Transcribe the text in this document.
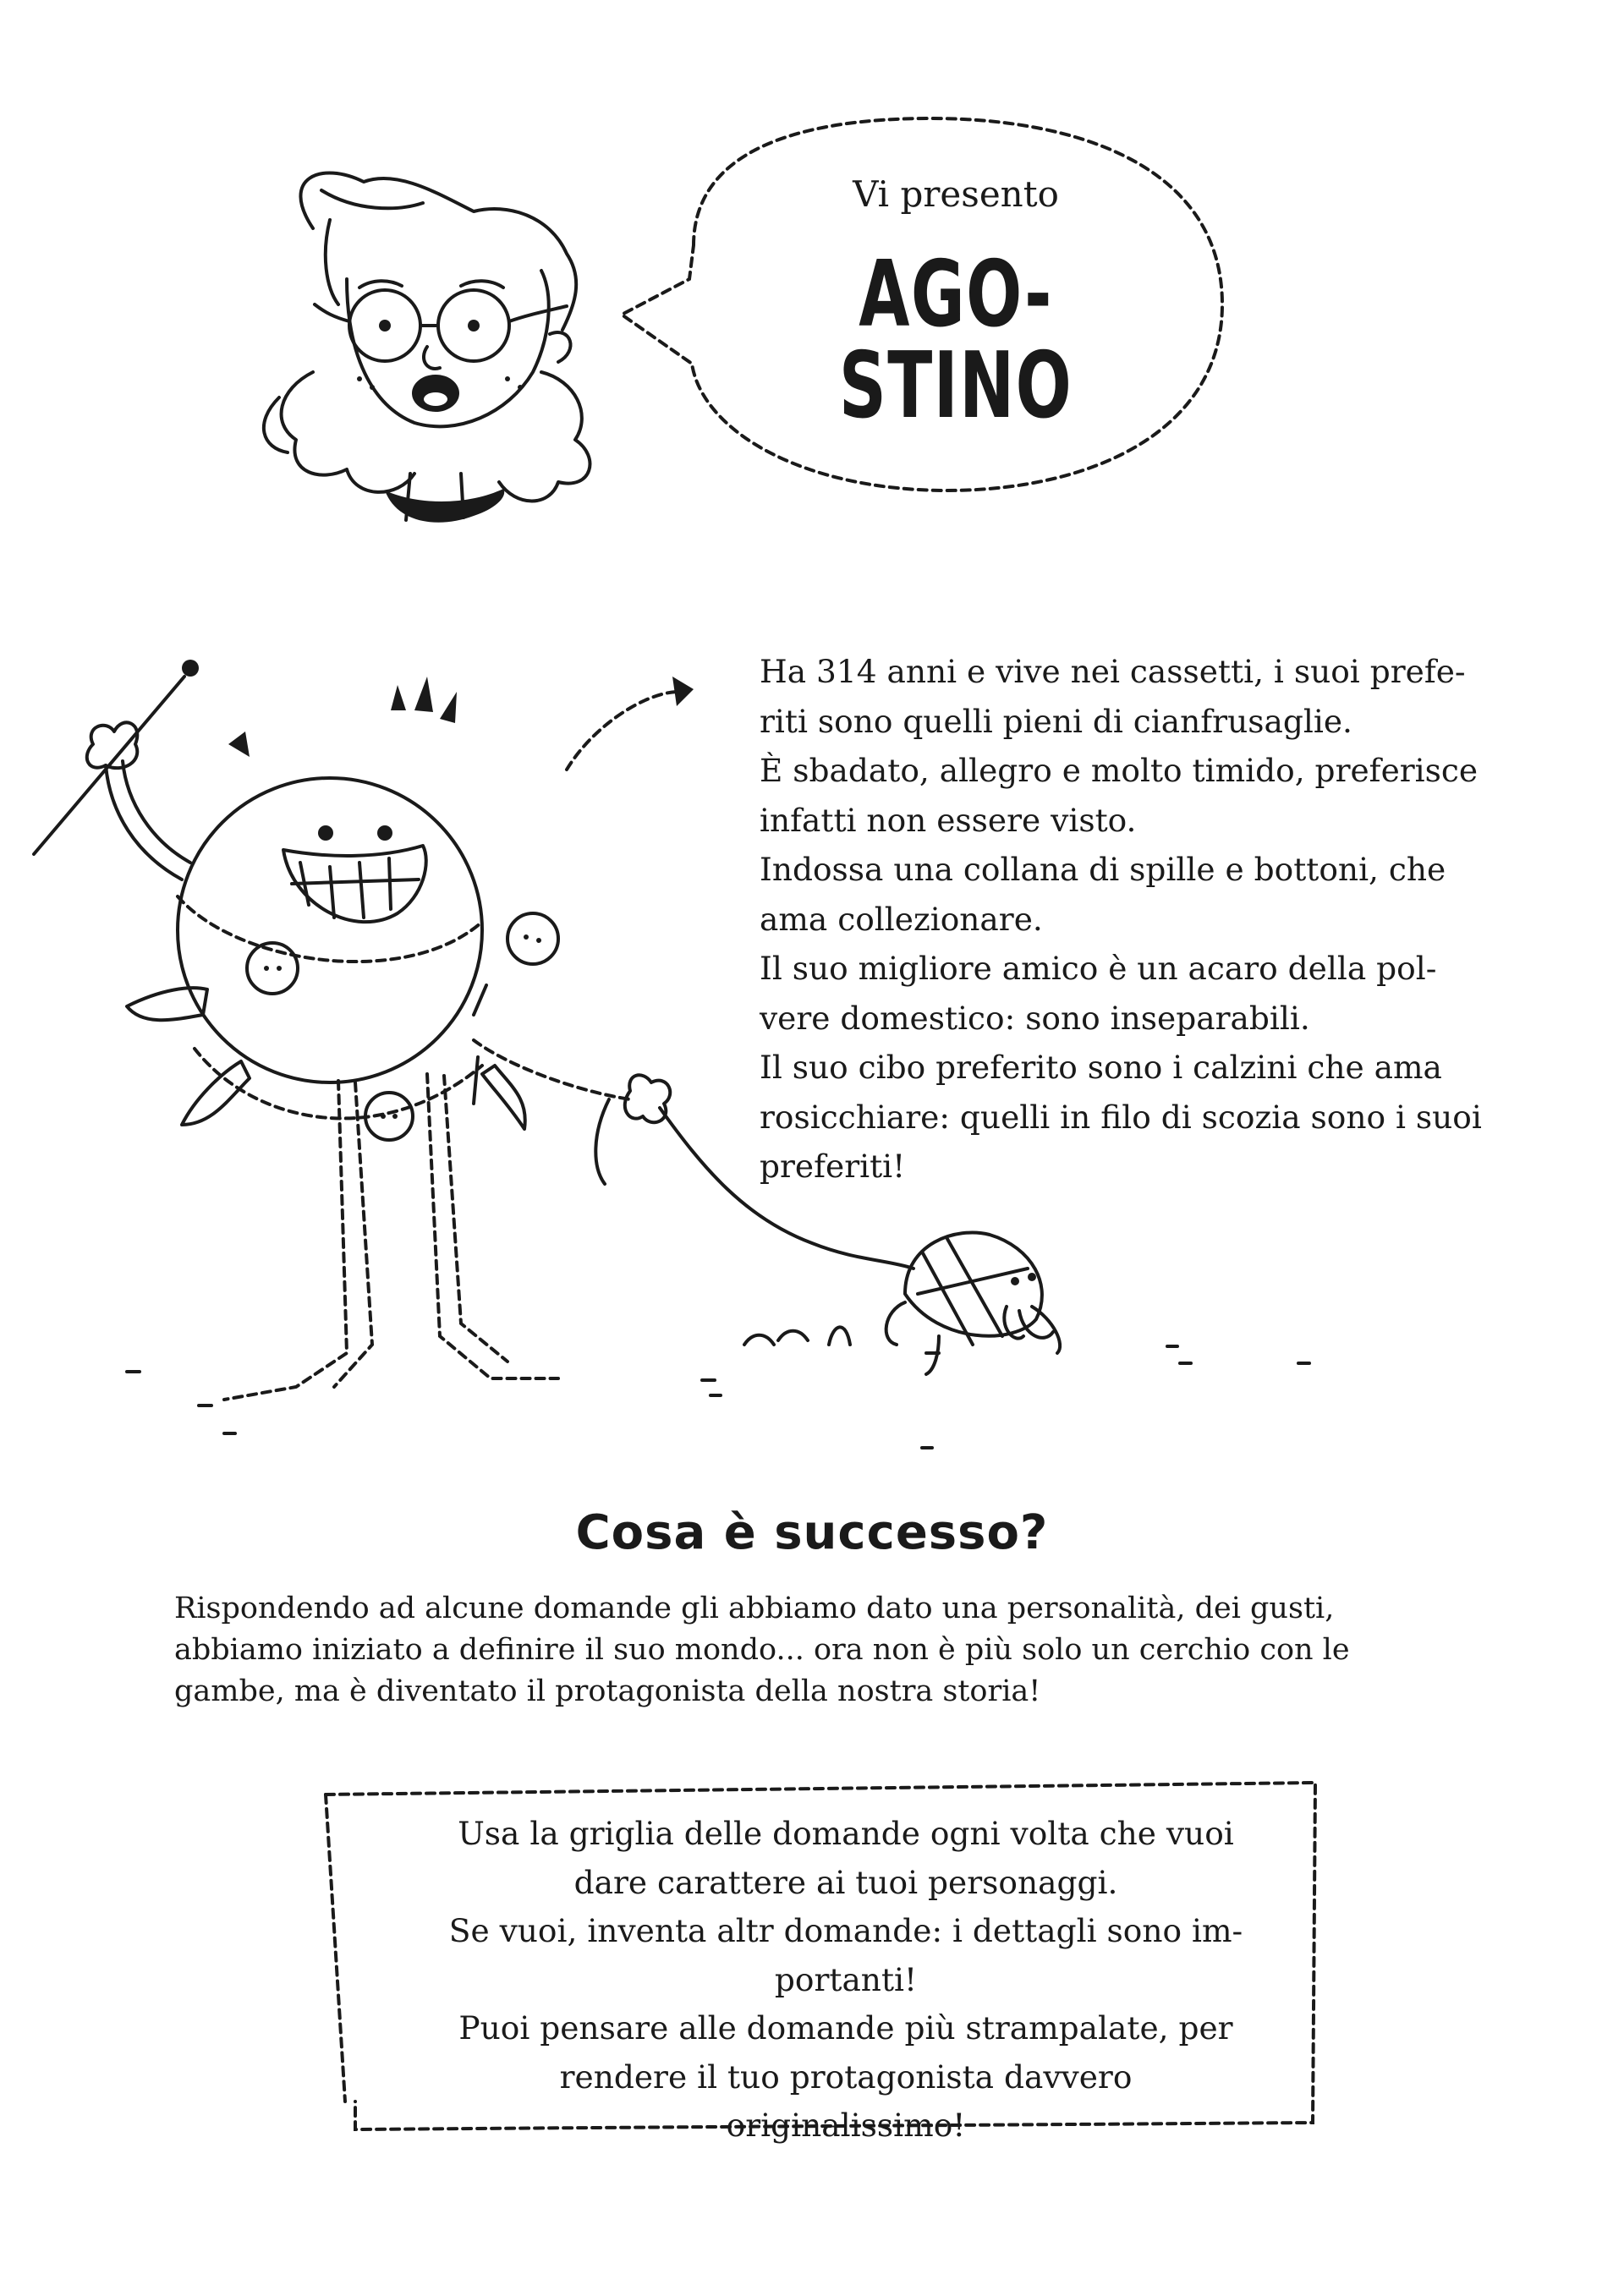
Vi presento
AGO-STINO

Ha 314 anni e vive nei cassetti, i suoi prefe-

riti sono quelli pieni di cianfrusaglie.

È sbadato, allegro e molto timido, preferisce

infatti non essere visto.

Indossa una collana di spille e bottoni, che

ama collezionare.

Il suo migliore amico è un acaro della pol-

vere domestico: sono inseparabili.

Il suo cibo preferito sono i calzini che ama

rosicchiare: quelli in filo di scozia sono i suoi

preferiti!

Cosa è successo?
Rispondendo ad alcune domande gli abbiamo dato una personalità, dei gusti, abbiamo iniziato a definire il suo mondo... ora non è più solo un cerchio con le gambe, ma è diventato il protagonista della nostra storia!

Usa la griglia delle domande ogni volta che vuoi

dare carattere ai tuoi personaggi.

Se vuoi, inventa altr domande: i dettagli sono im-

portanti!

Puoi pensare alle domande più strampalate, per

rendere il tuo protagonista davvero

originalissimo!
